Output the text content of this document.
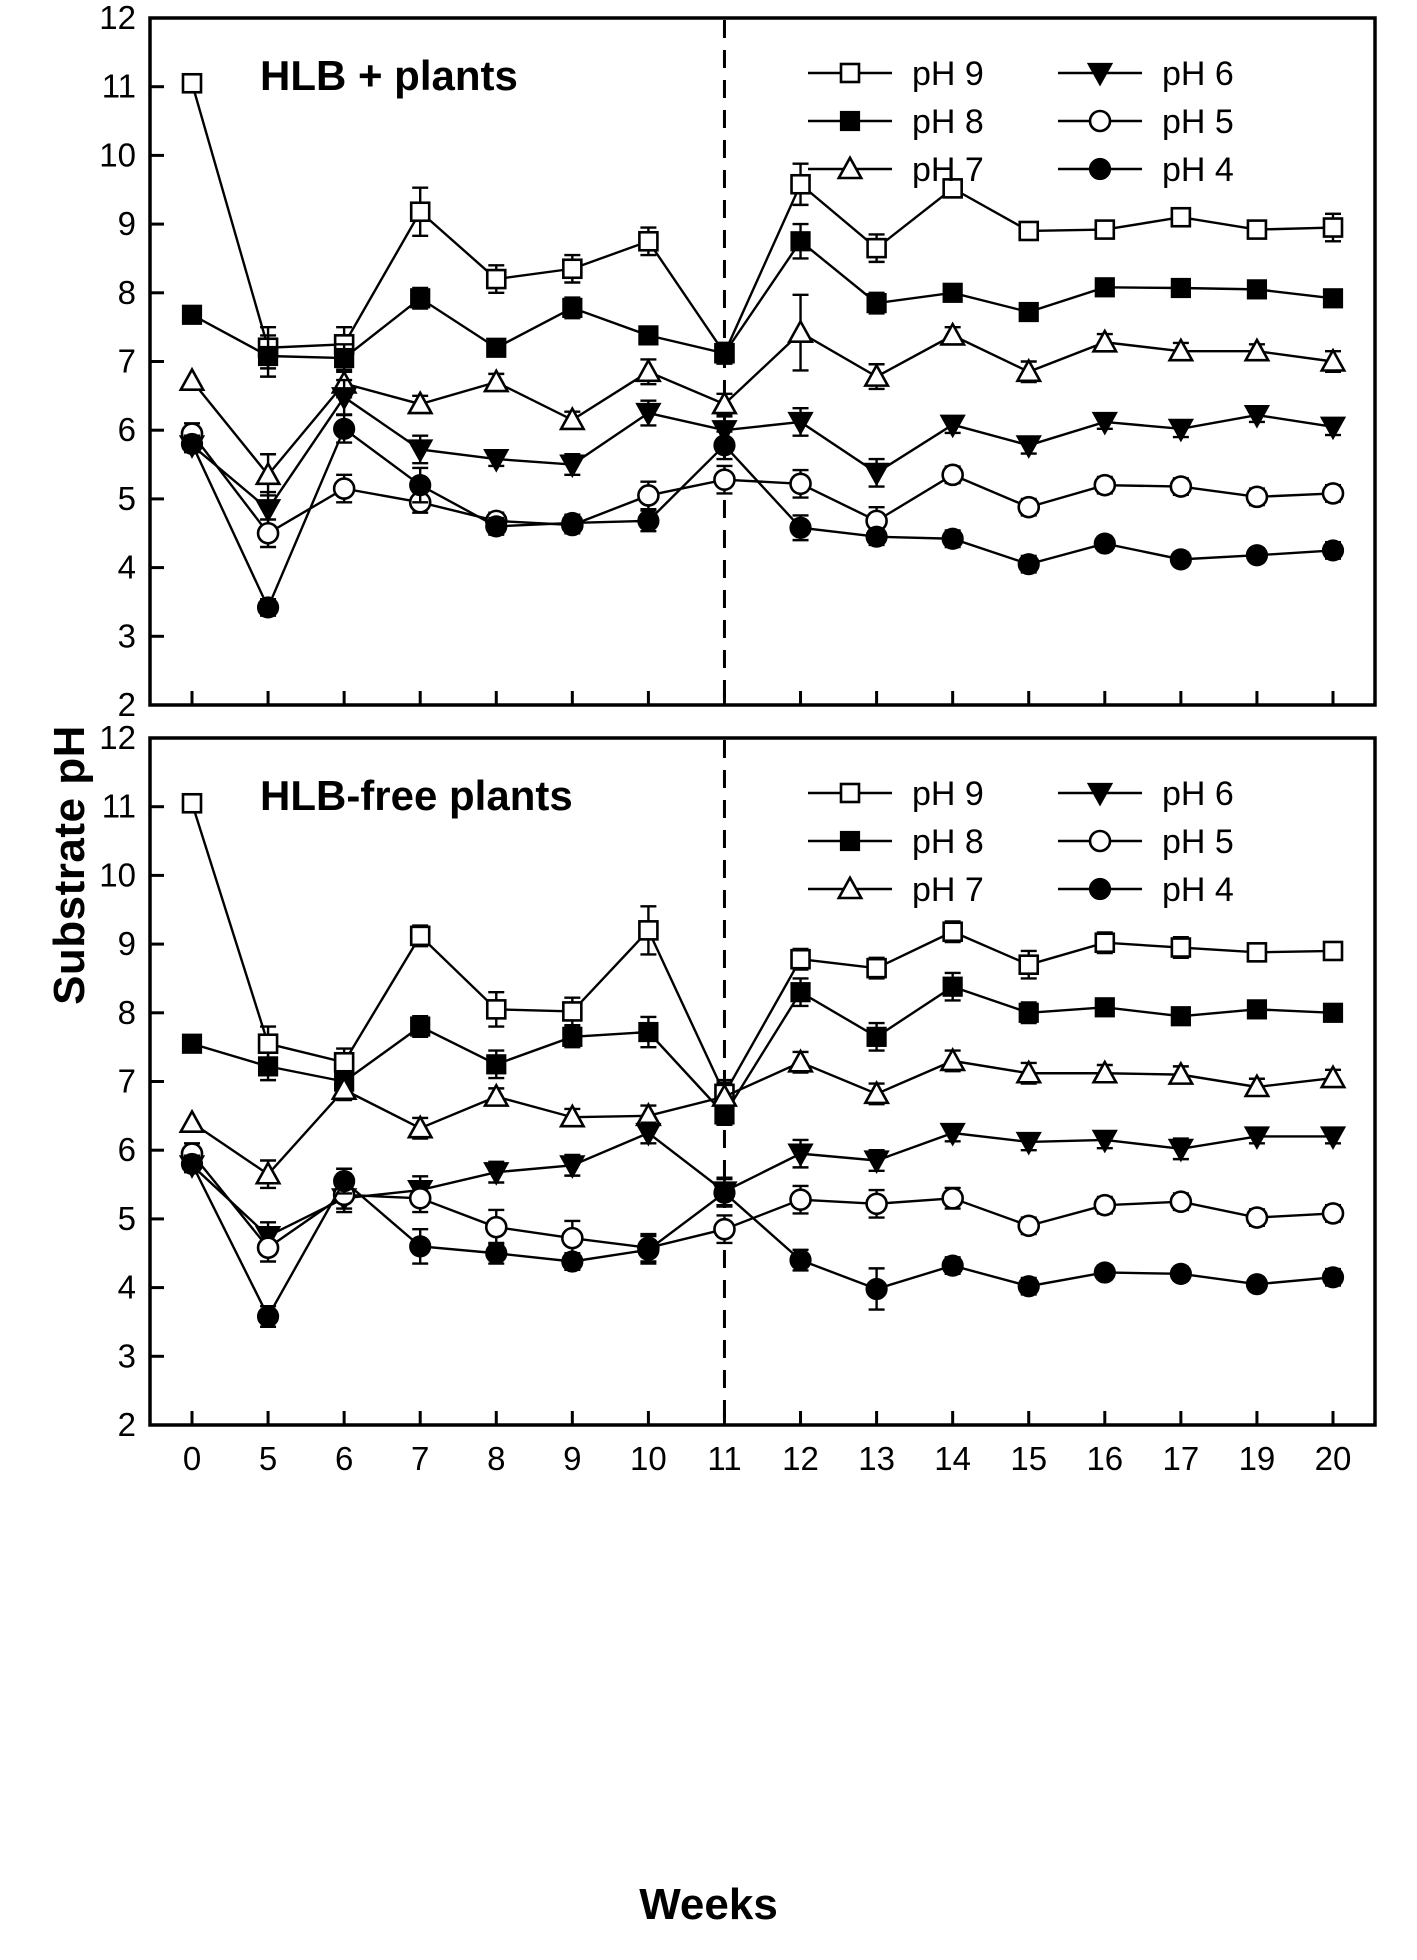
Substrate pH
Weeks
2
3
4
5
6
7
8
9
10
11
12
HLB + plants	pH 9	pH 6
pH 8	pH 5
pH 7	pH 4
2
3
4
5
6
7
8
9
10
11
12
0 5 6 7 8 9 10 11 12 13 14 15 16 17 19 20
HLB-free plants	pH 9	pH 6
pH 8	pH 5
pH 7	pH 4
